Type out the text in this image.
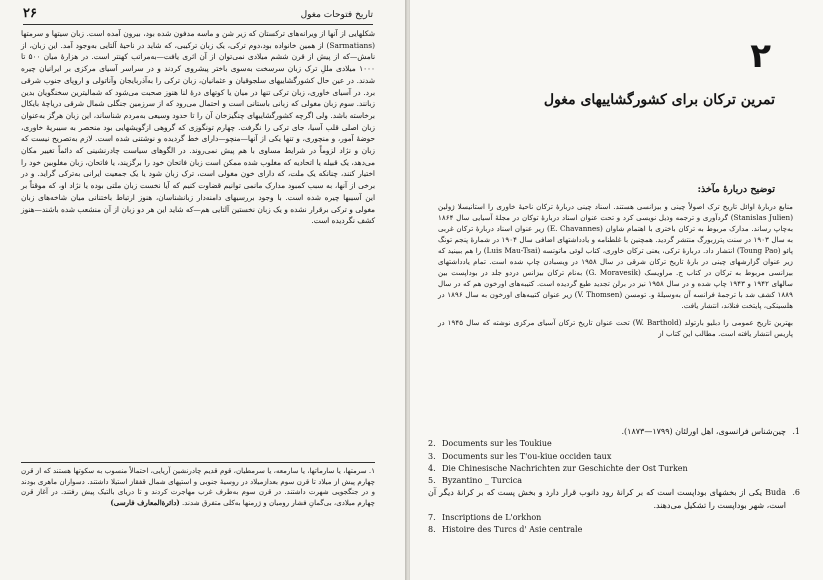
تاریخ فتوحات مغول
۲۶

شکلهایی از آنها از ویرانه‌های ترکستان که زیر شن و ماسه مدفون شده بود، بیرون آمده است. زبان سیتها و سرمتها (Sarmatians) از همین خانواده بود،دوم ترکی، یک زبان ترکیبی، که شاید در ناحیهٔ آلتایی به‌وجود آمد. این زبان، از نامش—که از پیش از قرن ششم میلادی نمی‌توان از آن اثری یافت—به‌مراتب کهنتر است. در هزارهٔ میان ۵۰۰ تا ۱۰۰۰ میلادی مللِ ترک زبان سرسخت به‌سوی باختر پیشروی کردند و در سراسر آسیای مرکزی بر ایرانیان چیره شدند. در عین حال کشورگشاییهای سلجوقیان و عثمانیان، زبان ترکی را به‌آذربایجان وآناتولی و اروپای جنوب شرقی برد. در آسیای خاوری، زبان ترکی تنها در میان یا کوتهای درهٔ لنا هنوز صحبت می‌شود که شمالیترین سخنگویان بدین زبانند. سوم زبان مغولی که زبانی باستانی است و احتمال می‌رود که از سرزمین جنگلی شمال شرقی دریاچهٔ بایکال برخاسته باشد. ولی اگرچه کشورگشاییهای چنگیزخان آن را تا حدود وسیعی به‌مردم شناساند، این زبان هرگز به‌عنوان زبان اصلی قلب آسیا، جای ترکی را نگرفت. چهارم تونگوزی که گروهی ازگویشهایی بود منحصر به سیبریهٔ خاوری، حوضهٔ آمور، و منچوری، و تنها یکی از آنها—منچو—دارای خط گردیده و نوشتنی شده است. لازم به‌تصریح نیست که زبان و نژاد لزوماً در شرایط مساوی با هم پیش نمی‌روند. در الگوهای سیاست چادرنشینی که دائماً تغییر مکان می‌دهد، یک قبیله یا اتحادیه که مغلوب شده ممکن است زبان فاتحان خود را برگزیند، یا فاتحان، زبان مغلوبین خود را اختیار کنند، چنانکه یک ملت، که دارای خون مغولی است، ترک زبان شود یا یک جمعیت ایرانی به‌ترکی گراید. و در برخی از آنها، به سبب کمبود مدارک مانمی توانیم قضاوت کنیم که آیا نخست زبان ملتی بوده یا نژاد او، که موقتاً بر این آسیبها چیره شده است. با وجود بررسیهای دامنه‌دار زبانشناسان، هنوز ارتباط باختنانی میان شاخه‌های زبان مغولی و ترکی برقرار نشده و یک زبان نخستین آلتایی هم—که شاید این هر دو زبان از آن منشعب شده باشند—هنوز کشف نگردیده است.

۱. سرمتها، یا سارماتها، یا سارمعه، یا سرمطیان، قوم قدیم چادرنشین آریایی، احتمالاً منسوب به سکوتها هستند که از قرن چهارم پیش از میلاد تا قرن سوم بعدازمیلاد در روسیهٔ جنوبی و استپهای شمال قفقاز استیلا داشتند. دسواران ماهری بودند و در جنگجویی شهرت داشتند. در قرن سوم به‌طرف غرب مهاجرت کردند و تا دریای بالتیک پیش رفتند. در آغاز قرن چهارم میلادی، بی‌گمانِ فشار رومیان و ژرمنها به‌کلی متفرق شدند. (دائرةالمعارف فارسی)
۲
تمرین ترکان برای کشورگشاییهای مغول
توضیح دربارهٔ مآخذ:
منابع دربارهٔ اوائل تاریخ ترک اصولاً چینی و بیزانسی هستند. اسناد چینی دربارهٔ ترکان ناحیهٔ خاوری را استانیسلا ژولین (Stanislas Julien) گردآوری و ترجمه وذیل نویسی کرد و تحت عنوان اسناد دربارهٔ توکان در مجلهٔ آسیایی سال ۱۸۶۴ به‌چاپ رساند. مدارک مربوط به ترکان باختری با اهتمام شاوان (E. Chavannes) زیر عنوان اسناد دربارهٔ ترکان غربی به سال ۱۹۰۳ در سنت پترزبورگ منتشر گردید. همچنین با غلطنامه و یادداشتهای اضافی سال ۱۹۰۴ در شمارهٔ پنجم تونگ پائو (Toung Pao) انتشار داد. دربارهٔ ترکی، یعنی ترکان خاوری، کتاب لوئی ماتوتسه (Luis Mau-Tsai) را هم ببینید که زیر عنوان گزارشهای چینی در بارهٔ تاریخ ترکان شرقی در سال ۱۹۵۸ در ویسبادن چاپ شده است. تمام یادداشتهای بیزانسی مربوط به ترکان در کتاب ج. مراویسک (G. Moravesik) به‌نام ترکان بیزانس دردو جلد در بوداپست بین سالهای ۱۹۴۲ و ۱۹۴۳ چاپ شده و در سال ۱۹۵۸ نیز در برلن تجدید طبع گردیده است. کتیبه‌های اورخون هم که در سال ۱۸۸۹ کشف شد با ترجمهٔ فرانسه آن به‌وسیلهٔ و. تومسن (V. Thomsen) زیر عنوان کتیبه‌های اورخون به سال ۱۸۹۶ در هلسینکی، پایتخت فنلاند، انتشار یافت.
بهترین تاریخ عمومی را دبلیو بارتولد (W. Barthold) تحت عنوان تاریخ ترکان آسیای مرکزی نوشته که سال ۱۹۴۵ در پاریس انتشار یافته است. مطالب این کتاب از
1.
چین‌شناس فرانسوی، اهل اورلئان (۱۷۹۹—۱۸۷۳).
2. Documents sur les Toukiue
3. Documents sur les T'ou-kiue occiden taux
4. Die Chinesische Nachrichten zur Geschichte der Ost Turken
5. Byzantino _ Turcica
6.
Buda یکی از بخشهای بوداپست است که بر کرانهٔ رود دانوب قرار دارد و بخش پست که بر کرانهٔ دیگر آن است، شهر بوداپست را تشکیل می‌دهند.
7. Inscriptions de L'orkhon
8. Histoire des Turcs d' Asie centrale
